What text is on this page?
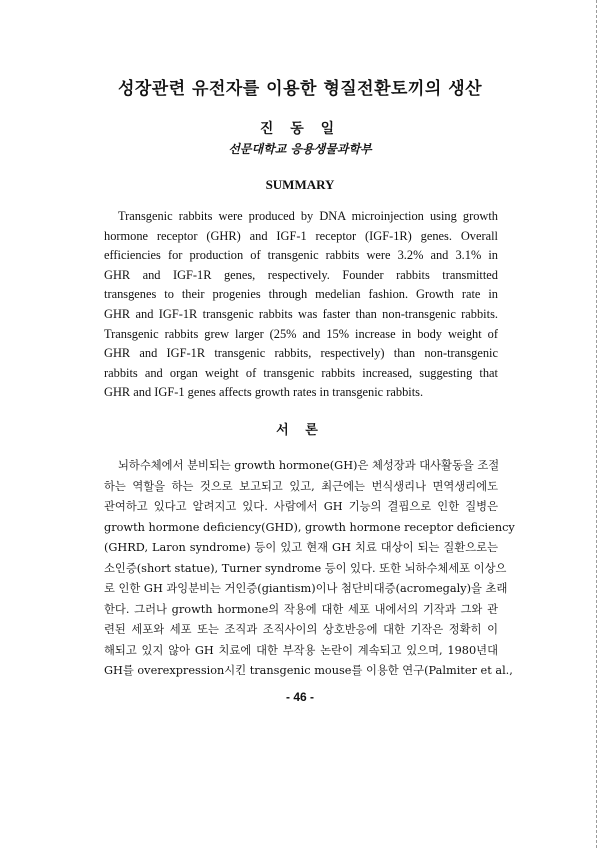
성장관련 유전자를 이용한 형질전환토끼의 생산
진 동 일
선문대학교 응용생물과학부
SUMMARY
Transgenic rabbits were produced by DNA microinjection using growth
hormone receptor (GHR) and IGF-1 receptor (IGF-1R) genes. Overall
efficiencies for production of transgenic rabbits were 3.2% and 3.1% in
GHR and IGF-1R genes, respectively. Founder rabbits transmitted
transgenes to their progenies through medelian fashion. Growth rate in
GHR and IGF-1R transgenic rabbits was faster than non-transgenic rabbits.
Transgenic rabbits grew larger (25% and 15% increase in body weight of
GHR and IGF-1R transgenic rabbits, respectively) than non-transgenic
rabbits and organ weight of transgenic rabbits increased, suggesting that
GHR and IGF-1 genes affects growth rates in transgenic rabbits.
서 론
뇌하수체에서 분비되는 growth hormone(GH)은 체성장과 대사활동을 조절
하는 역할을 하는 것으로 보고되고 있고, 최근에는 번식생리나 면역생리에도
관여하고 있다고 알려지고 있다. 사람에서 GH 기능의 결핍으로 인한 질병은
growth hormone deficiency(GHD), growth hormone receptor deficiency
(GHRD, Laron syndrome) 등이 있고 현재 GH 치료 대상이 되는 질환으로는
소인증(short statue), Turner syndrome 등이 있다. 또한 뇌하수체세포 이상으
로 인한 GH 과잉분비는 거인증(giantism)이나 첨단비대증(acromegaly)을 초래
한다. 그러나 growth hormone의 작용에 대한 세포 내에서의 기작과 그와 관
련된 세포와 세포 또는 조직과 조직사이의 상호반응에 대한 기작은 정확히 이
해되고 있지 않아 GH 치료에 대한 부작용 논란이 계속되고 있으며, 1980년대
GH를 overexpression시킨 transgenic mouse를 이용한 연구(Palmiter et al.,
- 46 -
